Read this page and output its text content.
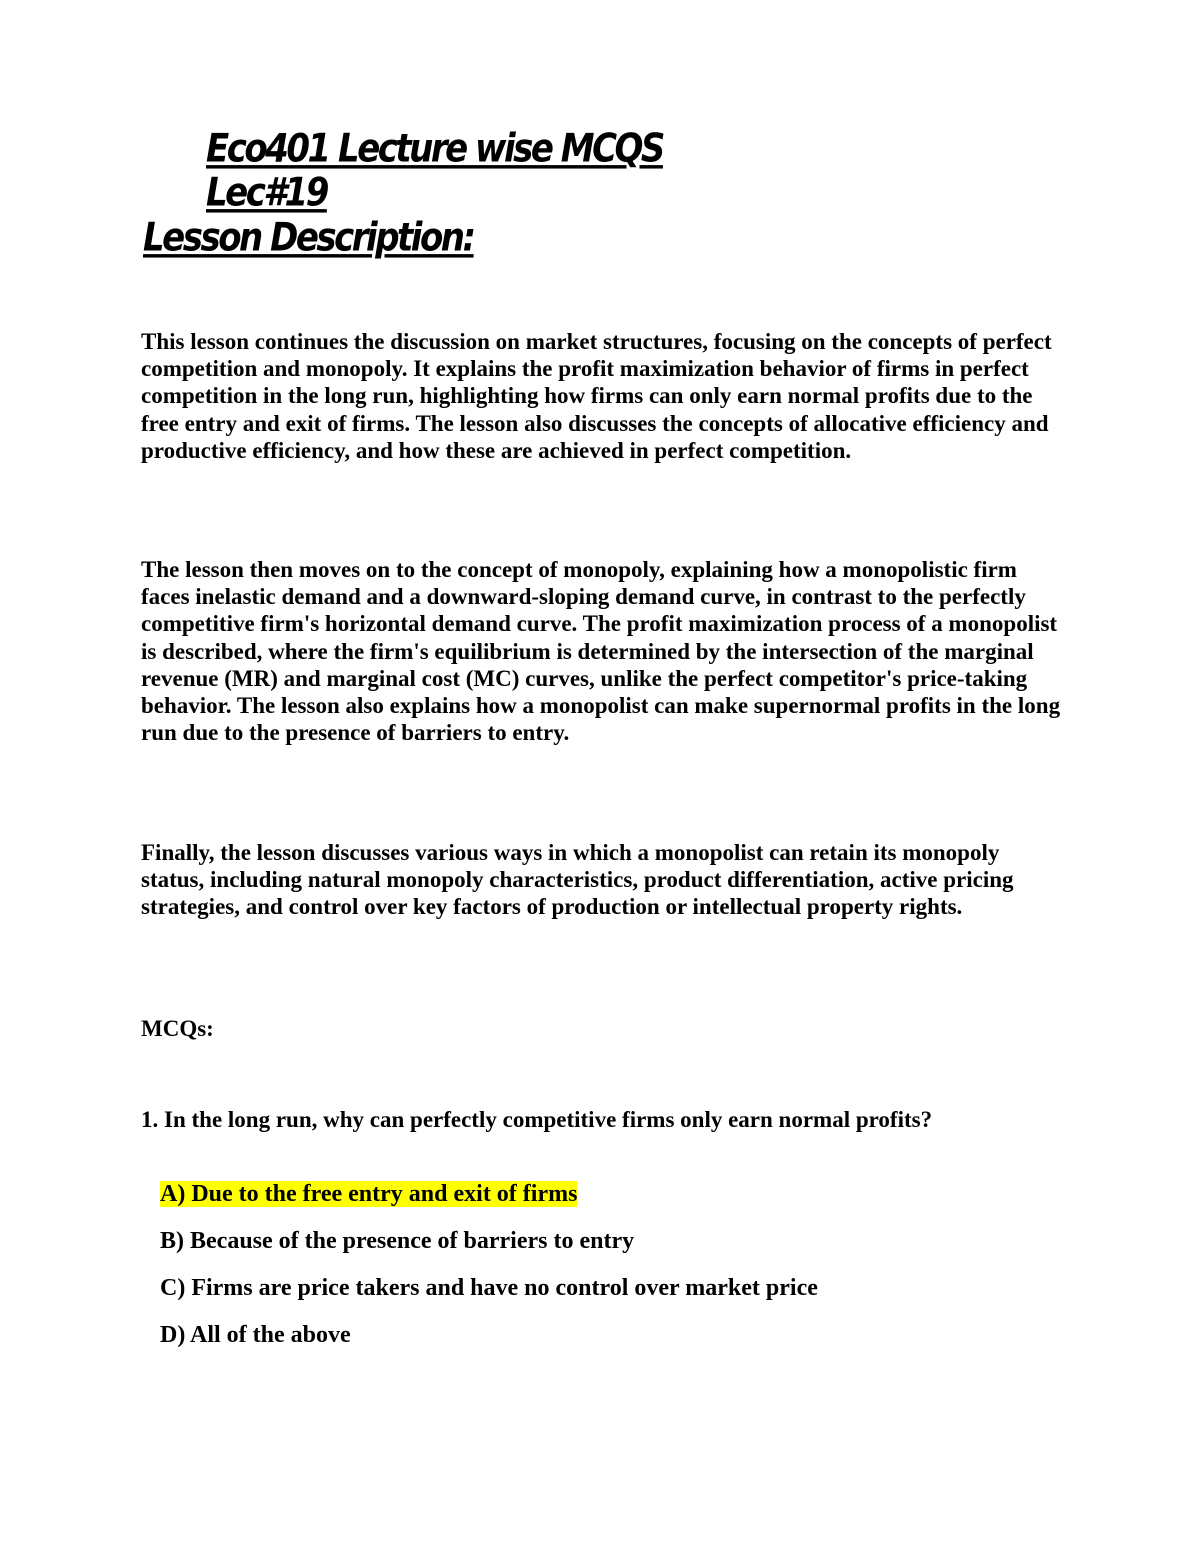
Eco401 Lecture wise MCQS
Lec#19
Lesson Description:

This lesson continues the discussion on market structures, focusing on the concepts of perfect competition and monopoly. It explains the profit maximization behavior of firms in perfect competition in the long run, highlighting how firms can only earn normal profits due to the free entry and exit of firms. The lesson also discusses the concepts of allocative efficiency and productive efficiency, and how these are achieved in perfect competition.

The lesson then moves on to the concept of monopoly, explaining how a monopolistic firm faces inelastic demand and a downward-sloping demand curve, in contrast to the perfectly competitive firm's horizontal demand curve. The profit maximization process of a monopolist is described, where the firm's equilibrium is determined by the intersection of the marginal revenue (MR) and marginal cost (MC) curves, unlike the perfect competitor's price-taking behavior. The lesson also explains how a monopolist can make supernormal profits in the long run due to the presence of barriers to entry.

Finally, the lesson discusses various ways in which a monopolist can retain its monopoly status, including natural monopoly characteristics, product differentiation, active pricing strategies, and control over key factors of production or intellectual property rights.

MCQs:

1. In the long run, why can perfectly competitive firms only earn normal profits?

A) Due to the free entry and exit of firms

B) Because of the presence of barriers to entry

C) Firms are price takers and have no control over market price

D) All of the above
